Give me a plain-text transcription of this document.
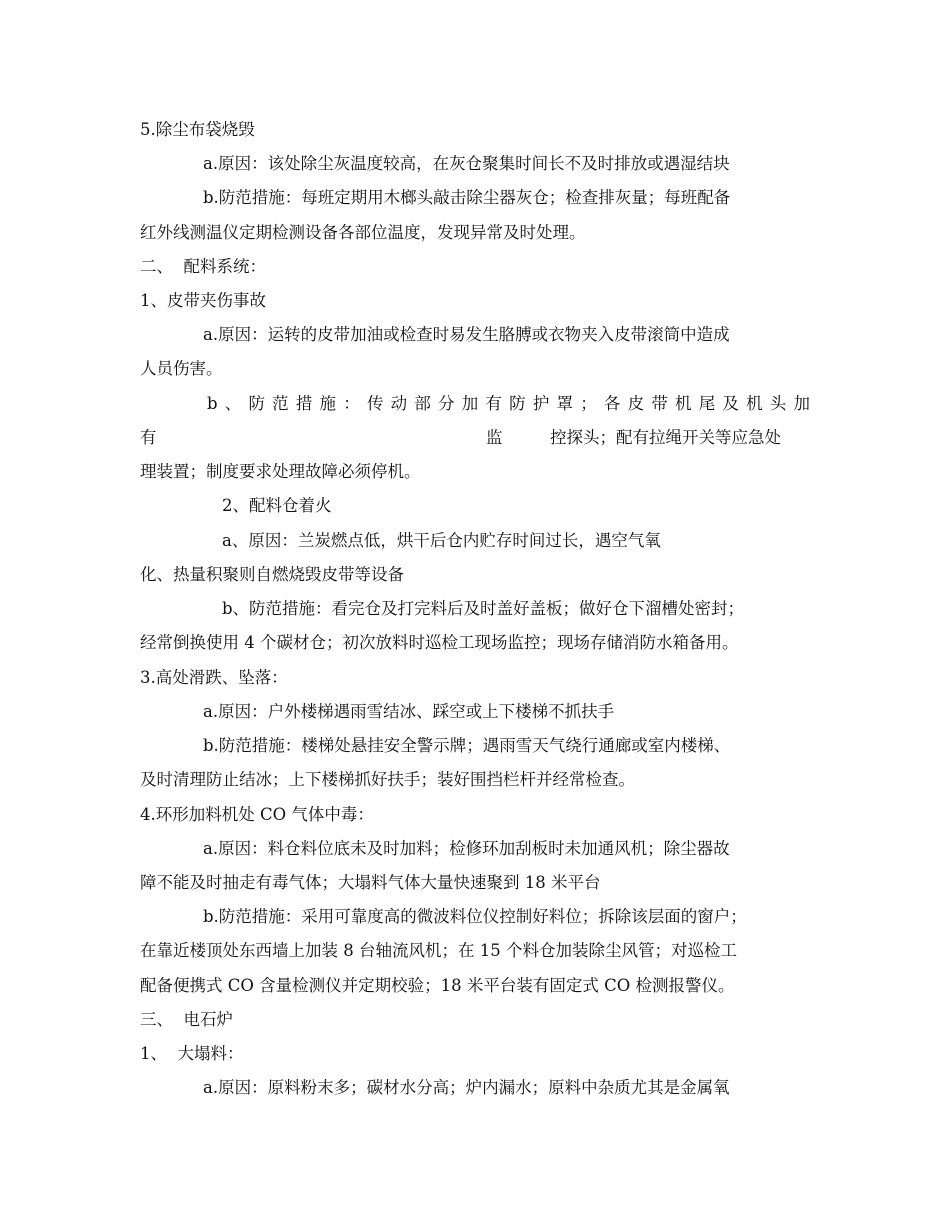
5.除尘布袋烧毁
a.原因：该处除尘灰温度较高，在灰仓聚集时间长不及时排放或遇湿结块
b.防范措施：每班定期用木榔头敲击除尘器灰仓；检查排灰量；每班配备
红外线测温仪定期检测设备各部位温度，发现异常及时处理。
二、  配料系统：
1、皮带夹伤事故
a.原因：运转的皮带加油或检查时易发生胳膊或衣物夹入皮带滚筒中造成
人员伤害。
b、防范措施：传动部分加有防护罩；各皮带机尾及机头加
有	监	控探头；配有拉绳开关等应急处
理装置；制度要求处理故障必须停机。
2、配料仓着火
a、原因：兰炭燃点低，烘干后仓内贮存时间过长，遇空气氧
化、热量积聚则自燃烧毁皮带等设备
b、防范措施：看完仓及打完料后及时盖好盖板；做好仓下溜槽处密封；
经常倒换使用 4 个碳材仓；初次放料时巡检工现场监控；现场存储消防水箱备用。
3.高处滑跌、坠落：
a.原因：户外楼梯遇雨雪结冰、踩空或上下楼梯不抓扶手
b.防范措施：楼梯处悬挂安全警示牌；遇雨雪天气绕行通廊或室内楼梯、
及时清理防止结冰；上下楼梯抓好扶手；装好围挡栏杆并经常检查。
4.环形加料机处 CO 气体中毒：
a.原因：料仓料位底未及时加料；检修环加刮板时未加通风机；除尘器故
障不能及时抽走有毒气体；大塌料气体大量快速聚到 18 米平台
b.防范措施：采用可靠度高的微波料位仪控制好料位；拆除该层面的窗户；
在靠近楼顶处东西墙上加装 8 台轴流风机；在 15 个料仓加装除尘风管；对巡检工
配备便携式 CO 含量检测仪并定期校验；18 米平台装有固定式 CO 检测报警仪。
三、  电石炉
1、  大塌料：
a.原因：原料粉末多；碳材水分高；炉内漏水；原料中杂质尤其是金属氧
